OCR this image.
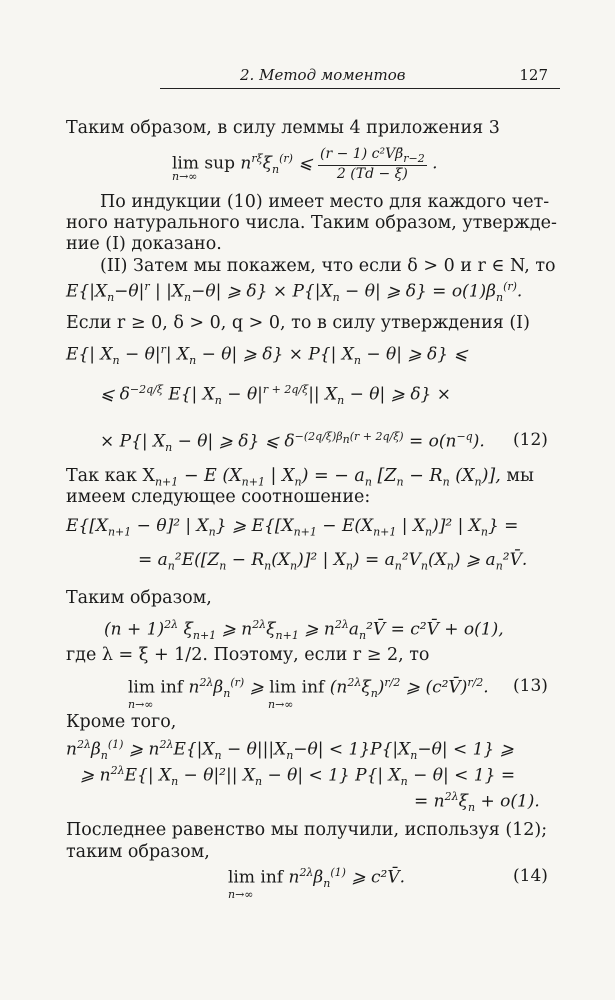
2. Метод моментов	127
Таким образом, в силу леммы 4 приложения 3
lim sup $n^{r\xi}\xi_n^{(r)}$ ⩽ $\frac{(r - 1) c^2V\betā_{r-2}}{2 (Td - \xi)}$ .
n→∞
По индукции (10) имеет место для каждого чет-
ного натурального числа. Таким образом, утвержде-
ние (I) доказано.
(II) Затем мы покажем, что если δ > 0 и r ∈ N, то
$E\{|X_n-\theta|^r$ | $|X_n-\theta|$ ⩾ $\delta\} \times P\{|X_n - \theta|$ ⩾ $\delta\} = o(1)\beta_n^{(r)}$.
Если r ≥ 0, δ > 0, q > 0, то в силу утверждения (I)
E{| $X_n - \theta|^r|$ $X_n - \theta|$ ⩾ δ} × P{| $X_n - \theta|$ ⩾ δ} ⩽
⩽ $\delta^{-2q/\xi}$ E{| $X_n - \theta|^{r + 2q/\xi}||$ $X_n - \theta|$ ⩾ δ} ×
× P{| $X_n - \theta|$ ⩾ δ} ⩽ $\delta^{-(2q/\xi)\beta_n(r + 2q/\xi)} = o(n^{-q})$. (12)
Так как $X_{n+1} - E$ ($X_{n+1}$ | $X_n$) = − $a_n$ [$Z_n - R_n$ $(X_n)$], мы
имеем следующее соотношение:
$E\{[X_{n+1} - \theta]^2$ | $X_n$} ⩾ $E\{[X_{n+1} - E(X_{n+1}$ | $X_n)]^2$ | $X_n$} =
= $a_n^2E([Z_n - R_n(X_n)]^2$ | $X_n) = a_n^2V_n(X_n)$ ⩾ $a_n^2V̄$.
Таким образом,
$(n + 1)^{2\lambda}$ $\xi_{n+1}$ ⩾ $n^{2\lambda}\xi_{n+1}$ ⩾ $n^{2\lambda}a_n^2V̄$ = c²V̄ + o(1),
где λ = ξ + 1/2. Поэтому, если r ≥ 2, то
lim inf $n^{2\lambda}\beta_n^{(r)}$ ⩾ lim inf $(n^{2\lambda}\xi_n)^{r/2}$ ⩾ (c²V̄)$^{r/2}$.
n→∞	n→∞
(13)
Кроме того,
$n^{2\lambda}\beta_n^{(1)}$ ⩾ $n^{2\lambda}E\{|X_n - \theta|||X_n-\theta| < 1\}P\{|X_n-\theta| < 1\}$ ⩾
⩾ $n^{2\lambda}E\{|$ $X_n - \theta|^2||$ $X_n - \theta| < 1$} P{| $X_n - \theta| < 1$} =
= $n^{2\lambda}\xi_n + o(1)$.
Последнее равенство мы получили, используя (12);
таким образом,
lim inf $n^{2\lambda}\beta_n^{(1)}$ ⩾ c²V̄.
n→∞
(14)
